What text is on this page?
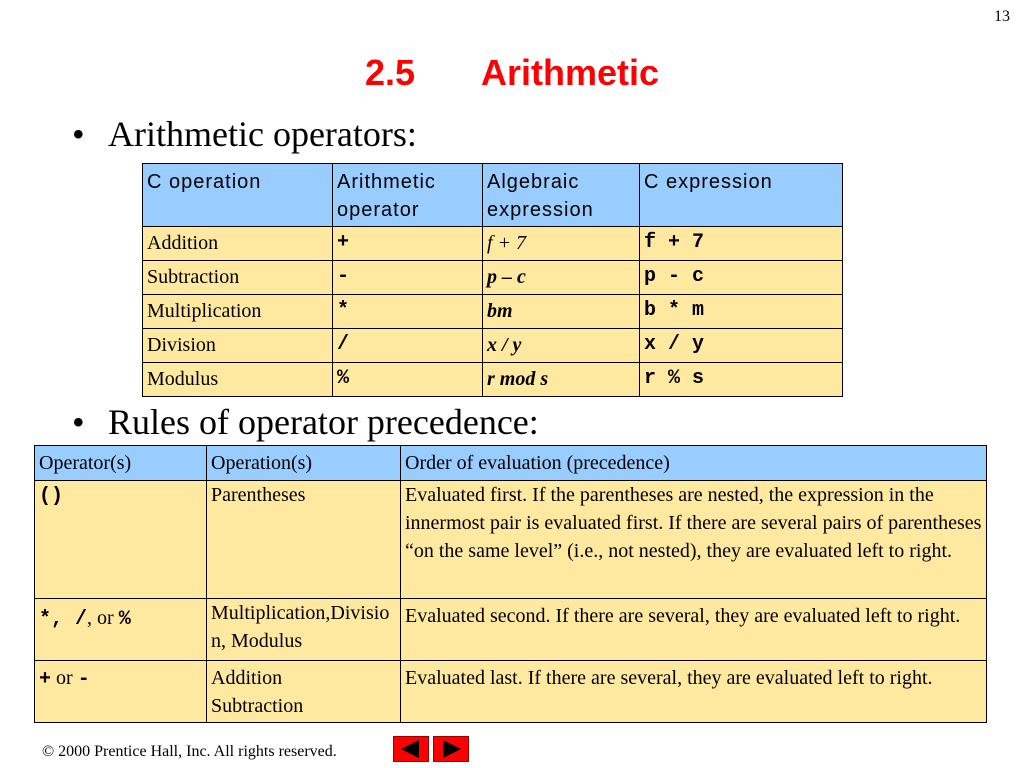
13
2.5 Arithmetic
• Arithmetic operators:
C operation	Arithmetic operator	Algebraic expression	C expression
Addition	+	f + 7	f + 7
Subtraction	-	p – c	p - c
Multiplication	*	bm	b * m
Division	/	x / y	x / y
Modulus	%	r mod s	r % s
• Rules of operator precedence:
Operator(s)	Operation(s)	Order of evaluation (precedence)
()	Parentheses	Evaluated first. If the parentheses are nested, the expression in the innermost pair is evaluated first. If there are several pairs of parentheses “on the same level” (i.e., not nested), they are evaluated left to right.
*, /, or %	Multiplication,Division, Modulus	Evaluated second. If there are several, they are evaluated left to right.
+ or -	Addition Subtraction	Evaluated last. If there are several, they are evaluated left to right.
© 2000 Prentice Hall, Inc. All rights reserved.
